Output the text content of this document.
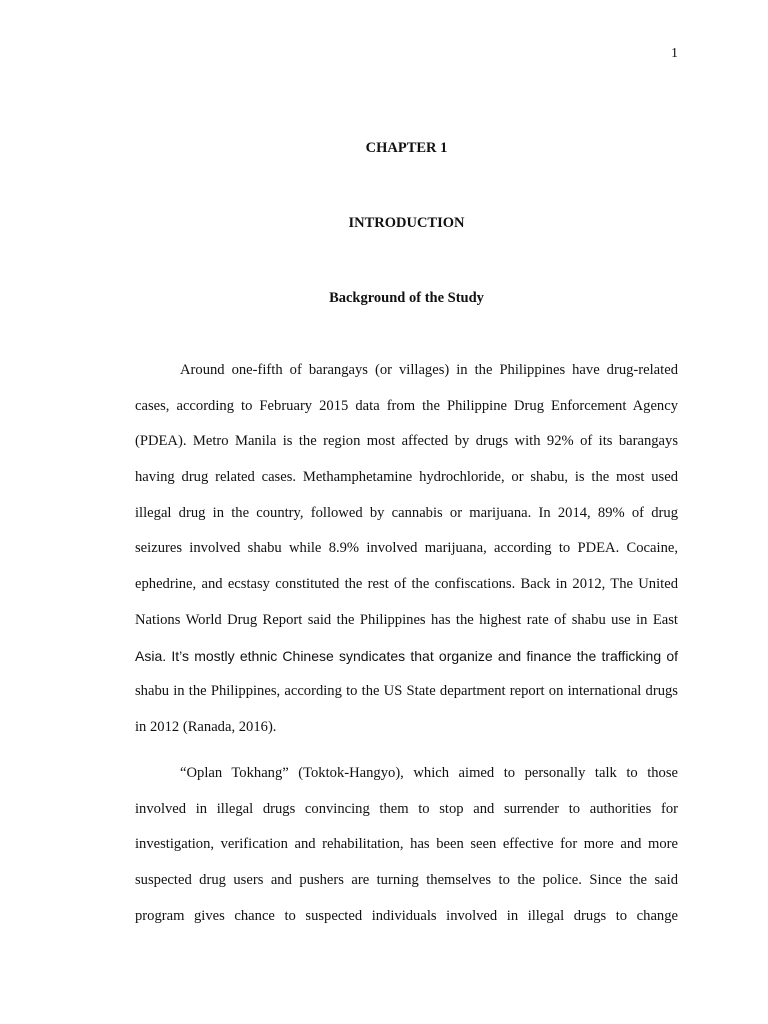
1
CHAPTER 1
INTRODUCTION
Background of the Study
Around one-fifth of barangays (or villages) in the Philippines have drug-related
cases, according to February 2015 data from the Philippine Drug Enforcement Agency
(PDEA). Metro Manila is the region most affected by drugs with 92% of its barangays
having drug related cases. Methamphetamine hydrochloride, or shabu, is the most used
illegal drug in the country, followed by cannabis or marijuana. In 2014, 89% of drug
seizures involved shabu while 8.9% involved marijuana, according to PDEA. Cocaine,
ephedrine, and ecstasy constituted the rest of the confiscations. Back in 2012, The United
Nations World Drug Report said the Philippines has the highest rate of shabu use in East
Asia. It’s mostly ethnic Chinese syndicates that organize and finance the trafficking of
shabu in the Philippines, according to the US State department report on international drugs
in 2012 (Ranada, 2016).
“Oplan Tokhang” (Toktok-Hangyo), which aimed to personally talk to those
involved in illegal drugs convincing them to stop and surrender to authorities for
investigation, verification and rehabilitation, has been seen effective for more and more
suspected drug users and pushers are turning themselves to the police. Since the said
program gives chance to suspected individuals involved in illegal drugs to change
